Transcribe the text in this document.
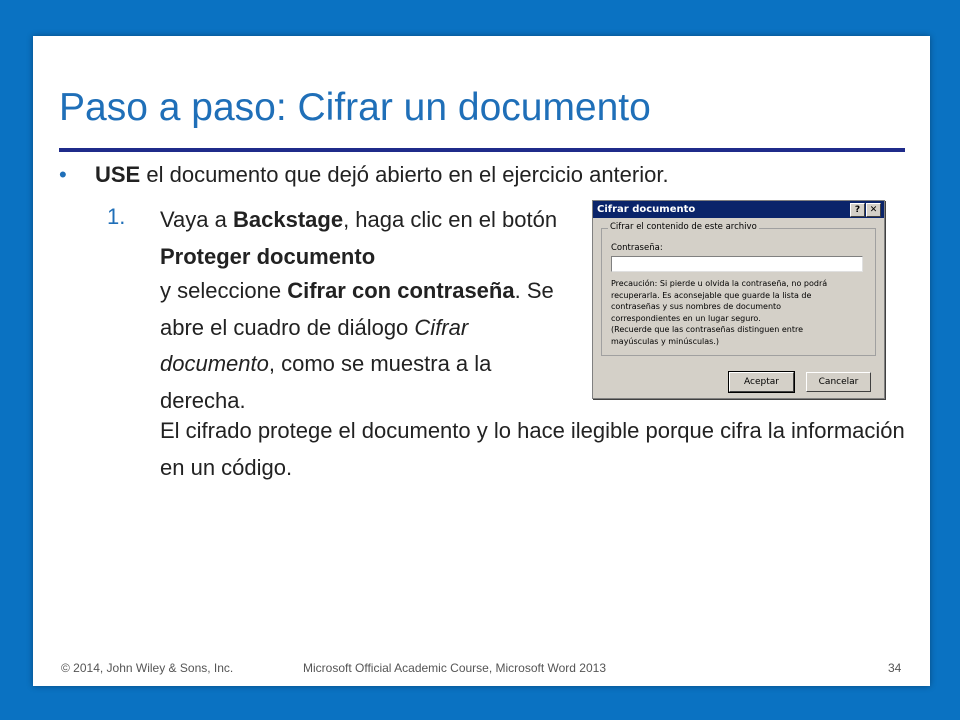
Paso a paso: Cifrar un documento
• USE el documento que dejó abierto en el ejercicio anterior.
1. Vaya a Backstage, haga clic en el botón
Proteger documento
Cifrar documento	?	✕
Cifrar el contenido de este archivo
Contraseña:
Precaución: Si pierde u olvida la contraseña, no podrá
recuperarla. Es aconsejable que guarde la lista de
contraseñas y sus nombres de documento
correspondientes en un lugar seguro.
(Recuerde que las contraseñas distinguen entre
mayúsculas y minúsculas.)
Aceptar	Cancelar
© 2014, John Wiley & Sons, Inc.	Microsoft Official Academic Course, Microsoft Word 2013	34
y seleccione Cifrar con contraseña. Se abre el cuadro de diálogo Cifrar documento, como se muestra a la derecha.
El cifrado protege el documento y lo hace ilegible porque cifra la información en un código.
